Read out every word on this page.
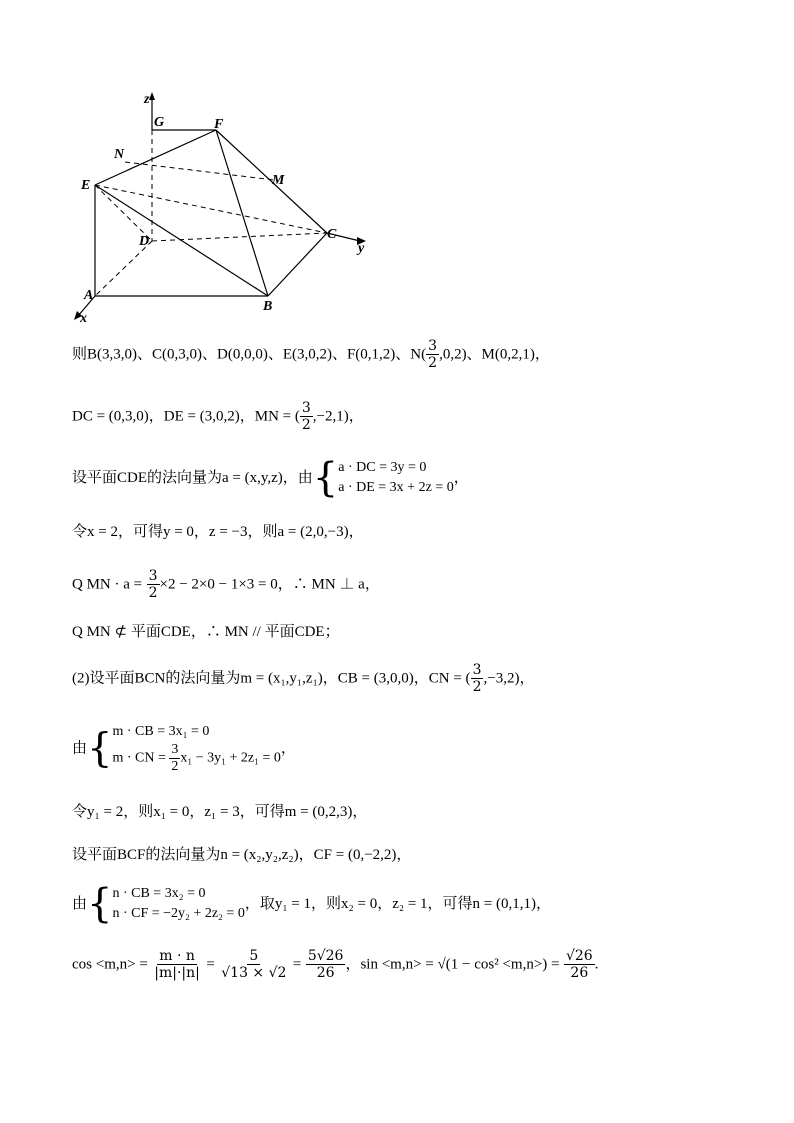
z
G	F
N
M
E
D	C
y
A
B
x
则B(3,3,0)、C(0,3,0)、D(0,0,0)、E(3,0,2)、F(0,1,2)、$N( \frac{3}{2} ,0,2)$、M(0,2,1)，
DC = (0,3,0)，DE = (3,0,2)，MN = ( $\frac{3}{2} ,-2,1$)，
设平面CDE的法向量为a = (x,y,z)，由{ a · DC = 3y = 0
a · DE = 3x + 2z = 0
，
令x = 2，可得y = 0，z = −3，则a = (2,0,−3)，
Q MN · $a = \frac{3}{2} \times 2 - 2\times 0 - 1\times 3 = 0$，∴ MN ⊥ a，
Q MN ⊄ 平面CDE，∴ MN // 平面CDE；
(2)设平面BCN的法向量为m = (x₁,y₁,z₁)，CB = (3,0,0)，CN = ( $\frac{3}{2} ,-3,2$)，
由{ m · CB = 3x₁ = 0
m · CN = $\frac{3}{2} x_1 - 3y_1 + 2z_1 = 0$
，
令y₁ = 2，则x₁ = 0，z₁ = 3，可得m = (0,2,3)，
设平面BCF的法向量为n = (x₂,y₂,z₂)，CF = (0,−2,2)，
由{ n · CB = 3x₂ = 0
n · CF = −2y₂ + 2z₂ = 0
，取y₁ = 1，则x₂ = 0，z₂ = 1，可得n = (0,1,1)，
$\cos <m,n> = \frac{m \cdot n}{|m|\cdot|n|} = \frac{5}{√13 \times √2} = \frac{5√26}{26}$ ，$\sin <m,n> = √(1 - \cos^2 <m,n>) = \frac{√26}{26}$ .
